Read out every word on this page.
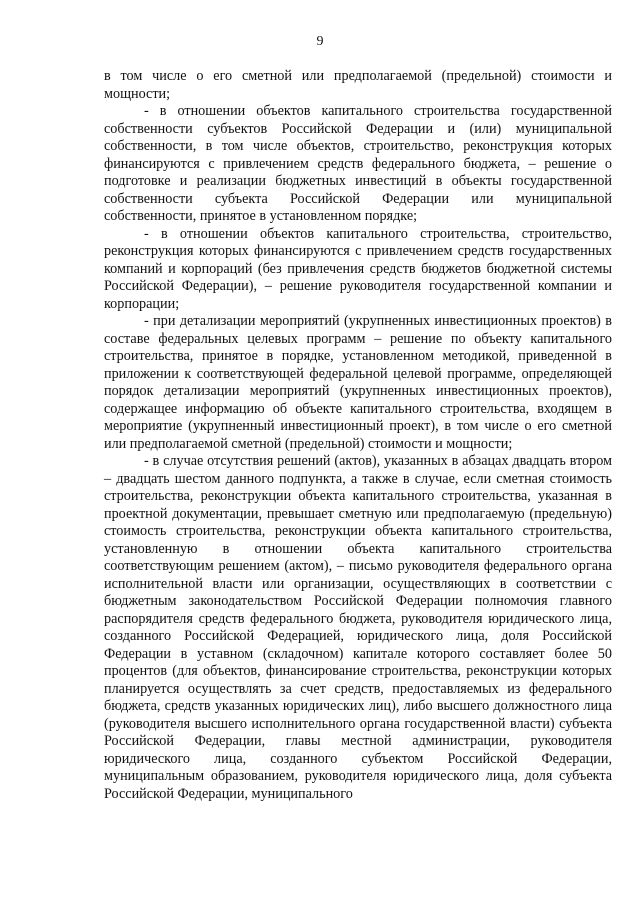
9

в том числе о его сметной или предполагаемой (предельной) стоимости и мощности;

- в отношении объектов капитального строительства государственной собственности субъектов Российской Федерации и (или) муниципальной собственности, в том числе объектов, строительство, реконструкция которых финансируются с привлечением средств федерального бюджета, – решение о подготовке и реализации бюджетных инвестиций в объекты государственной собственности субъекта Российской Федерации или муниципальной собственности, принятое в установленном порядке;

- в отношении объектов капитального строительства, строительство, реконструкция которых финансируются с привлечением средств государственных компаний и корпораций (без привлечения средств бюджетов бюджетной системы Российской Федерации), – решение руководителя государственной компании и корпорации;

- при детализации мероприятий (укрупненных инвестиционных проектов) в составе федеральных целевых программ – решение по объекту капитального строительства, принятое в порядке, установленном методикой, приведенной в приложении к соответствующей федеральной целевой программе, определяющей порядок детализации мероприятий (укрупненных инвестиционных проектов), содержащее информацию об объекте капитального строительства, входящем в мероприятие (укрупненный инвестиционный проект), в том числе о его сметной или предполагаемой сметной (предельной) стоимости и мощности;

- в случае отсутствия решений (актов), указанных в абзацах двадцать втором – двадцать шестом данного подпункта, а также в случае, если сметная стоимость строительства, реконструкции объекта капитального строительства, указанная в проектной документации, превышает сметную или предполагаемую (предельную) стоимость строительства, реконструкции объекта капитального строительства, установленную в отношении объекта капитального строительства соответствующим решением (актом), – письмо руководителя федерального органа исполнительной власти или организации, осуществляющих в соответствии с бюджетным законодательством Российской Федерации полномочия главного распорядителя средств федерального бюджета, руководителя юридического лица, созданного Российской Федерацией, юридического лица, доля Российской Федерации в уставном (складочном) капитале которого составляет более 50 процентов (для объектов, финансирование строительства, реконструкции которых планируется осуществлять за счет средств, предоставляемых из федерального бюджета, средств указанных юридических лиц), либо высшего должностного лица (руководителя высшего исполнительного органа государственной власти) субъекта Российской Федерации, главы местной администрации, руководителя юридического лица, созданного субъектом Российской Федерации, муниципальным образованием, руководителя юридического лица, доля субъекта Российской Федерации, муниципального
